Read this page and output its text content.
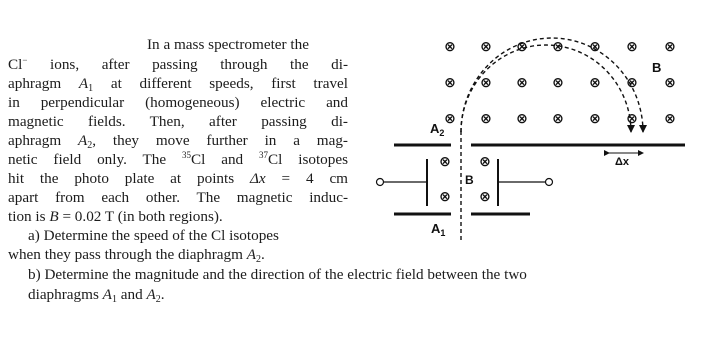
In a mass spectrometer the
Cl− ions, after passing through the di-
aphragm $A_1$ at different speeds, first travel
in perpendicular (homogeneous) electric and
magnetic fields. Then, after passing di-
aphragm $A_2$, they move further in a mag-
netic field only. The $^{35}$Cl and $^{37}$Cl isotopes
hit the photo plate at points Δx = 4 cm
apart from each other. The magnetic induc-
tion is B = 0.02 T (in both regions).
a) Determine the speed of the Cl isotopes
when they pass through the diaphragm $A_2$.
b) Determine the magnitude and the direction of the electric field between the two
diaphragms $A_1$ and $A_2$.
⊗ ⊗ ⊗ ⊗ ⊗ ⊗ ⊗
⊗ ⊗ ⊗ ⊗ ⊗ ⊗ ⊗
⊗ ⊗ ⊗ ⊗ ⊗ ⊗ ⊗
⊗ ⊗
⊗ ⊗
$A_2$
$A_1$
B
B
Δx
